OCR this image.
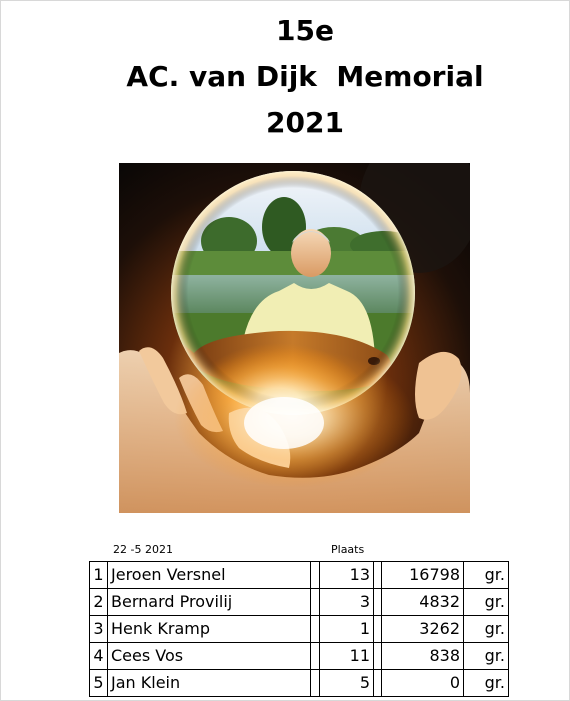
15e
AC. van Dijk  Memorial
2021
22 -5 2021	Plaats
1	Jeroen Versnel		13		16798	gr.
2	Bernard Provilij		3		4832	gr.
3	Henk Kramp		1		3262	gr.
4	Cees Vos		11		838	gr.
5	Jan Klein		5		0	gr.
